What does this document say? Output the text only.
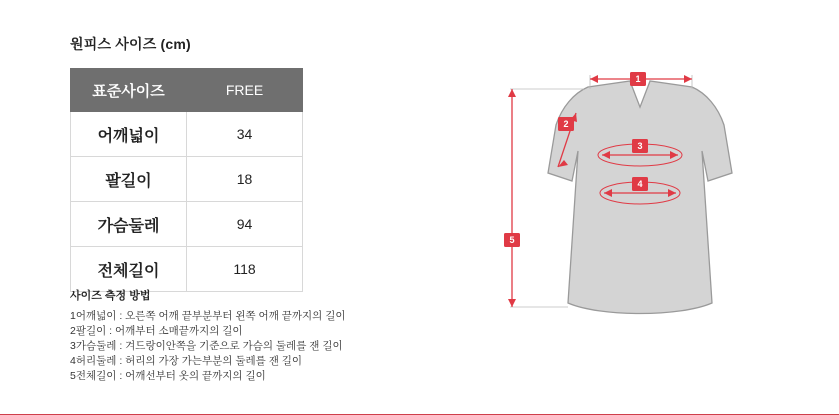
원피스 사이즈 (cm)
표준사이즈	FREE
어깨넓이	34
팔길이	18
가슴둘레	94
전체길이	118
사이즈 측정 방법
1어깨넓이 : 오른쪽 어깨 끝부분부터 왼쪽 어깨 끝까지의 길이
2팔길이 : 어깨부터 소매끝까지의 길이
3가슴둘레 : 겨드랑이안쪽을 기준으로 가슴의 둘레를 잰 길이
4허리둘레 : 허리의 가장 가는부분의 둘레를 잰 길이
5전체길이 : 어깨선부터 옷의 끝까지의 길이
1
2
3
4
5
